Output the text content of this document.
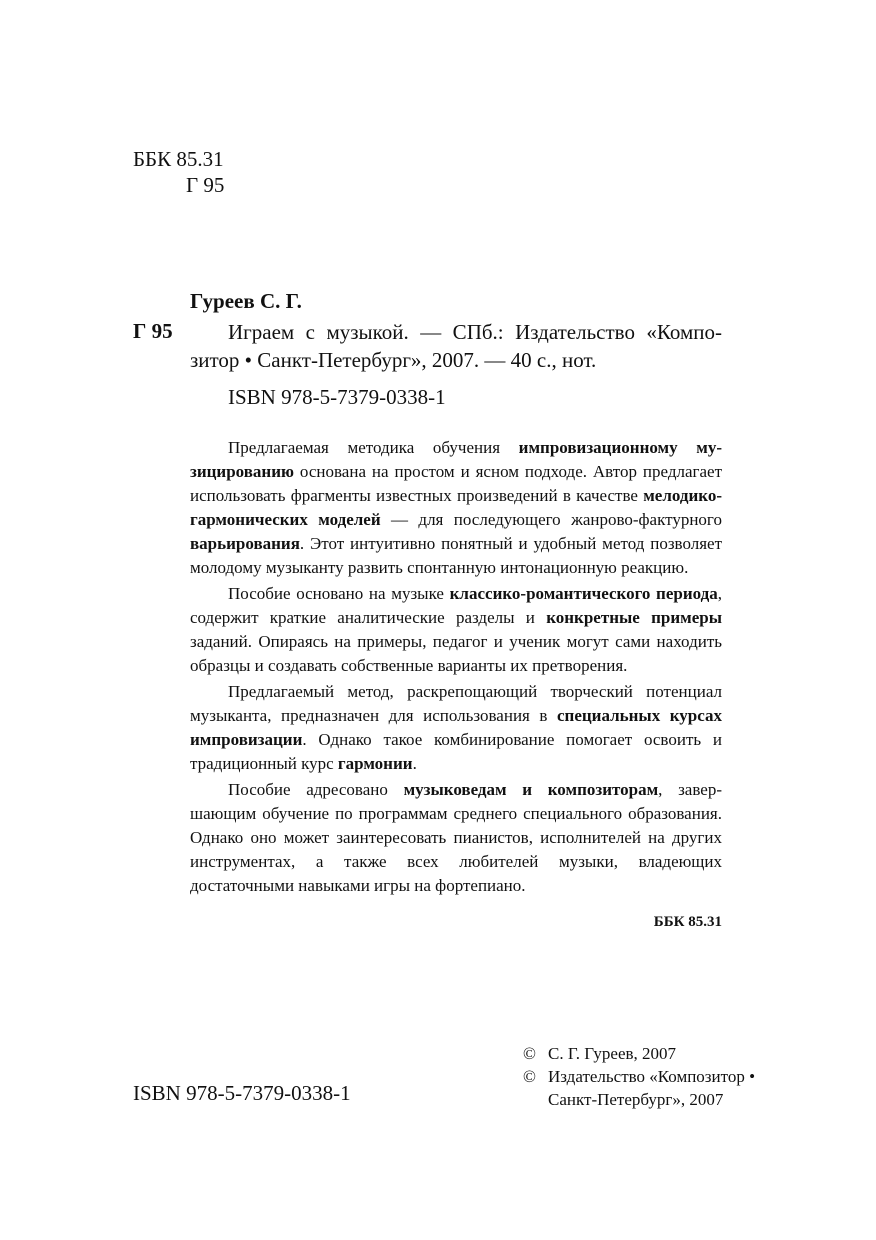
ББК 85.31
Г 95
Гуреев С. Г.
Г 95	Играем с музыкой. — СПб.: Издательство «Компо-
зитор • Санкт-Петербург», 2007. — 40 с., нот.
ISBN 978-5-7379-0338-1

Предлагаемая методика обучения импровизационному музицированию основана на простом и ясном подходе. Автор предлагает использовать фрагменты известных произведений в качестве мелодико-гармонических моделей — для последующего жанрово-фактурного варьирования. Этот интуитивно понятный и удобный метод позволяет молодому музыканту развить спонтанную интонационную реакцию.

Пособие основано на музыке классико-романтического периода, содержит краткие аналитические разделы и конкретные примеры заданий. Опираясь на примеры, педагог и ученик могут сами находить образцы и создавать собственные варианты их претворения.

Предлагаемый метод, раскрепощающий творческий потенциал музыканта, предназначен для использования в специальных курсах импровизации. Однако такое комбинирование помогает освоить и традиционный курс гармонии.

Пособие адресовано музыковедам и композиторам, завершающим обучение по программам среднего специального образования. Однако оно может заинтересовать пианистов, исполнителей на других инструментах, а также всех любителей музыки, владеющих достаточными навыками игры на фортепиано.

ББК 85.31
© С. Г. Гуреев, 2007
© Издательство «Композитор •
Санкт-Петербург», 2007
ISBN 978-5-7379-0338-1
